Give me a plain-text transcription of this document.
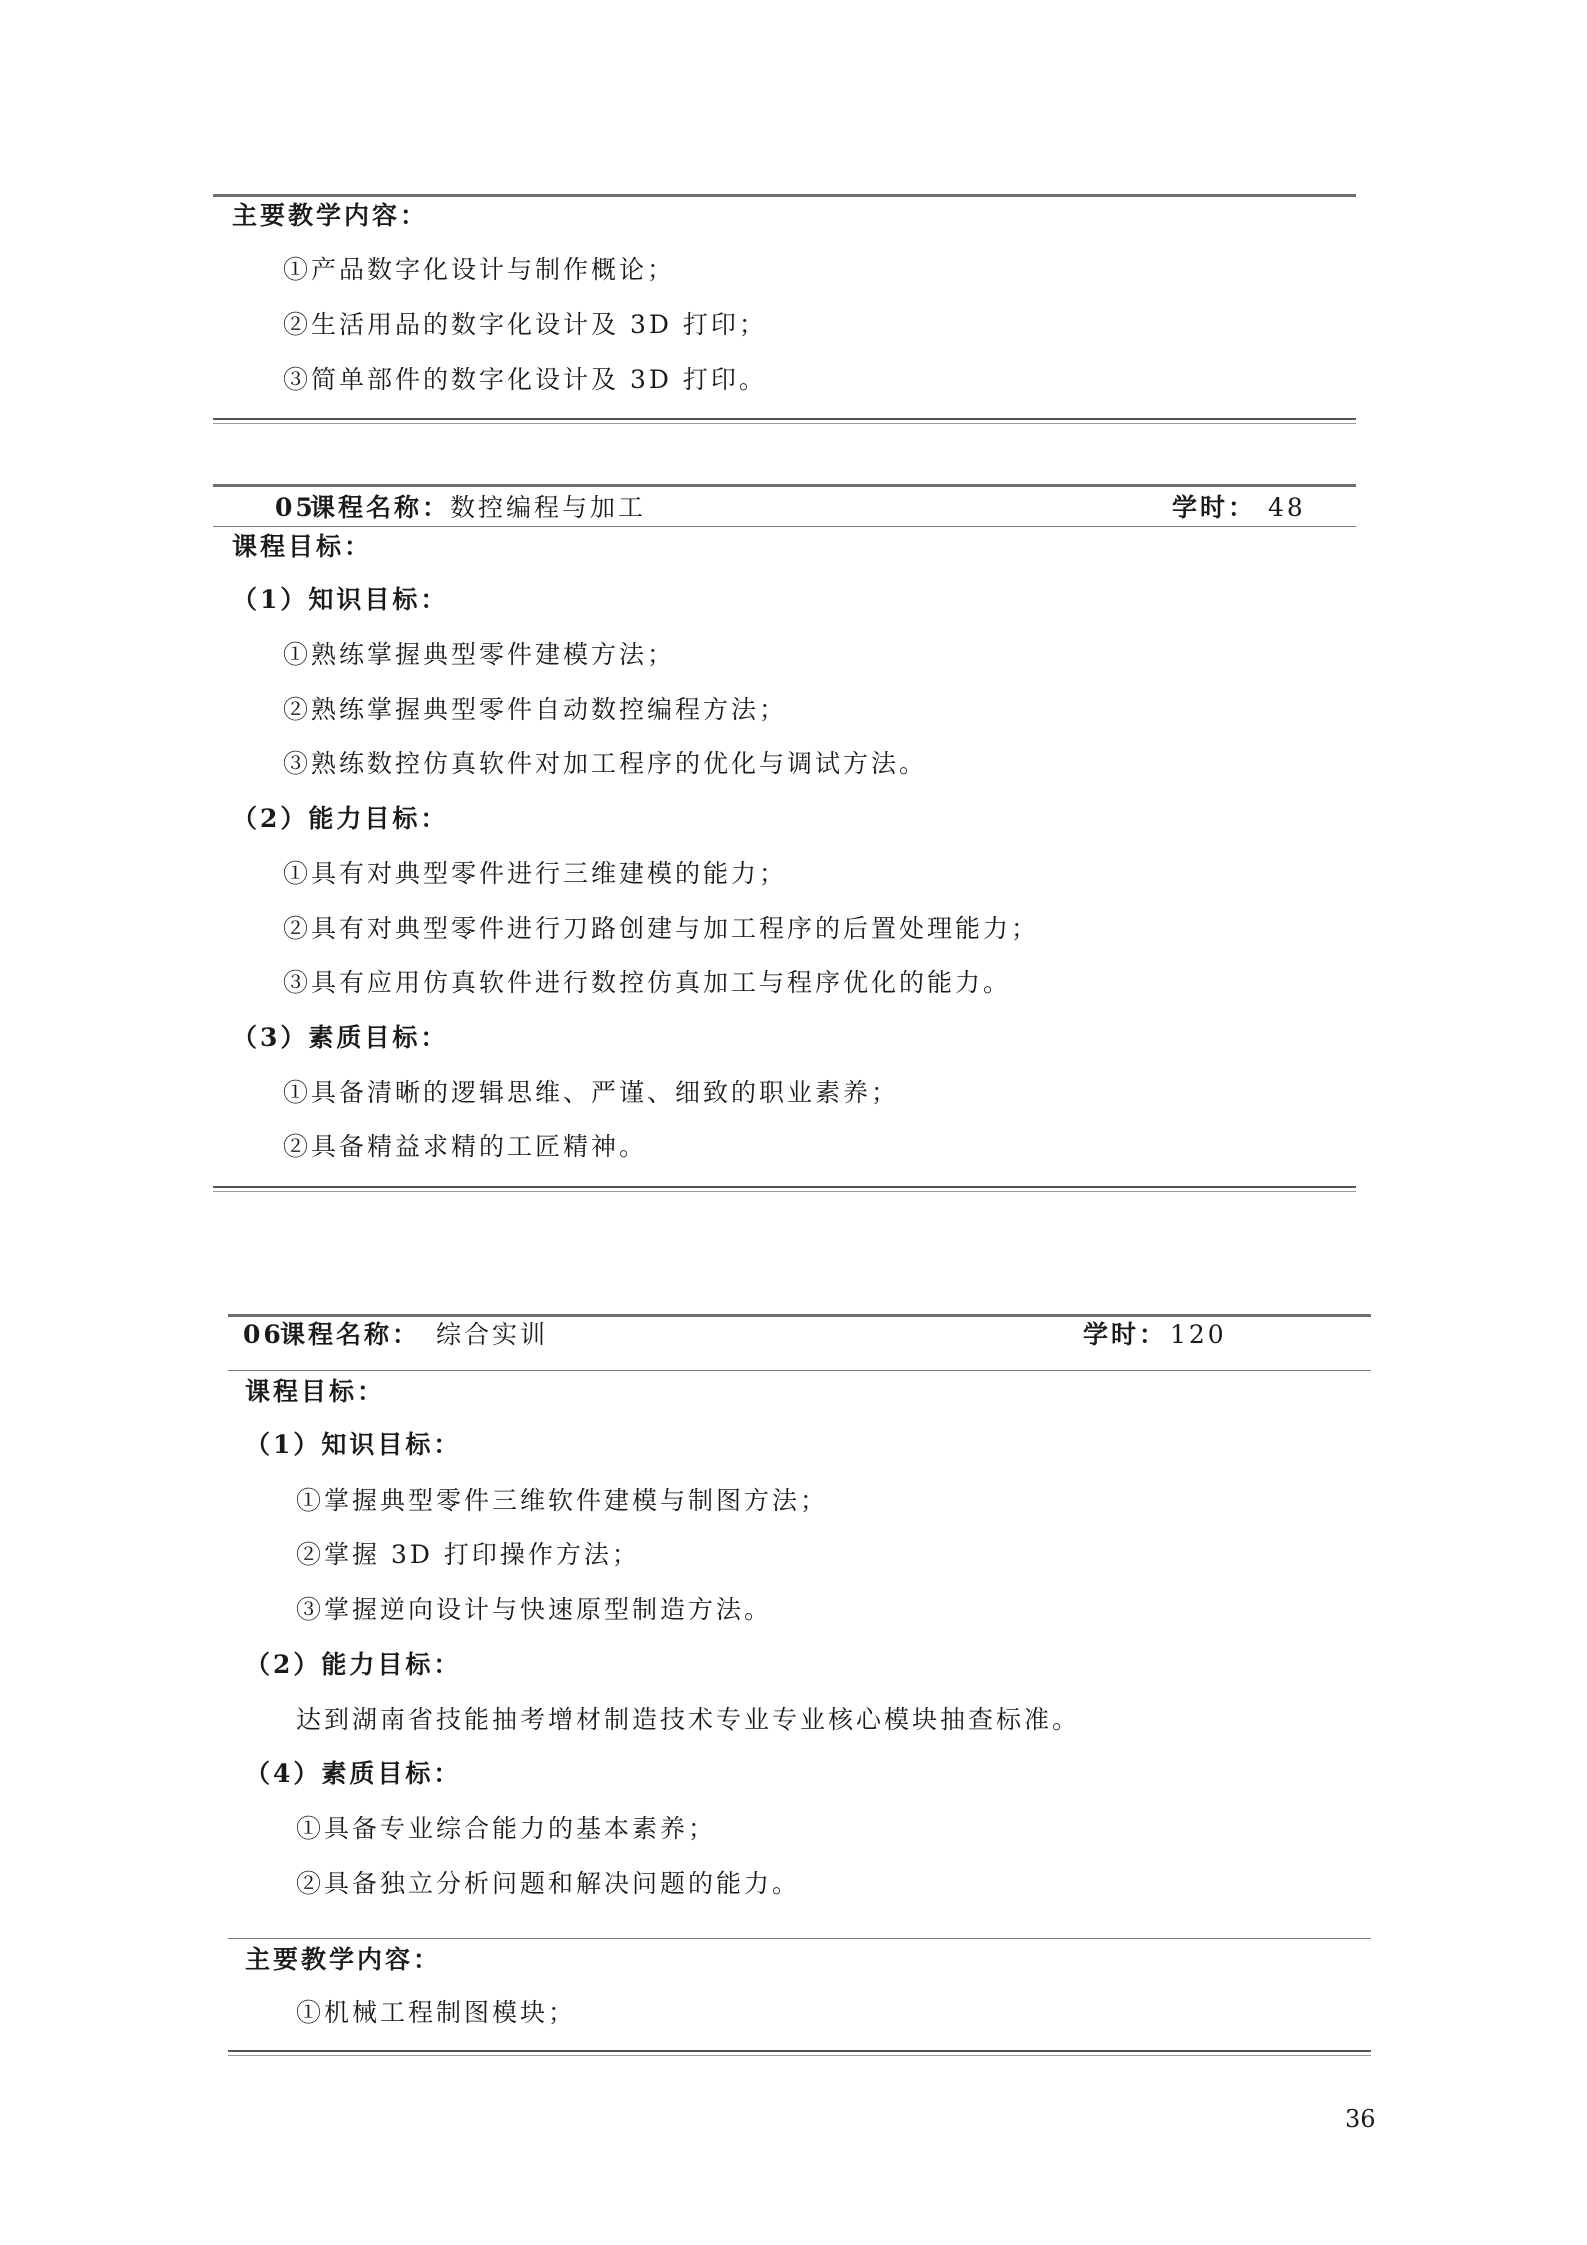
主要教学内容：
①产品数字化设计与制作概论；
②生活用品的数字化设计及 3D 打印；
③简单部件的数字化设计及 3D 打印。
05
课程名称： 数控编程与加工	学时： 48
课程目标：
（1）知识目标：
①熟练掌握典型零件建模方法；
②熟练掌握典型零件自动数控编程方法；
③熟练数控仿真软件对加工程序的优化与调试方法。
（2）能力目标：
①具有对典型零件进行三维建模的能力；
②具有对典型零件进行刀路创建与加工程序的后置处理能力；
③具有应用仿真软件进行数控仿真加工与程序优化的能力。
（3）素质目标：
①具备清晰的逻辑思维、严谨、细致的职业素养；
②具备精益求精的工匠精神。
06
课程名称： 综合实训	学时： 120
课程目标：
（1）知识目标：
①掌握典型零件三维软件建模与制图方法；
②掌握 3D 打印操作方法；
③掌握逆向设计与快速原型制造方法。
（2）能力目标：
达到湖南省技能抽考增材制造技术专业专业核心模块抽查标准。
（4）素质目标：
①具备专业综合能力的基本素养；
②具备独立分析问题和解决问题的能力。
主要教学内容：
①机械工程制图模块；
36
